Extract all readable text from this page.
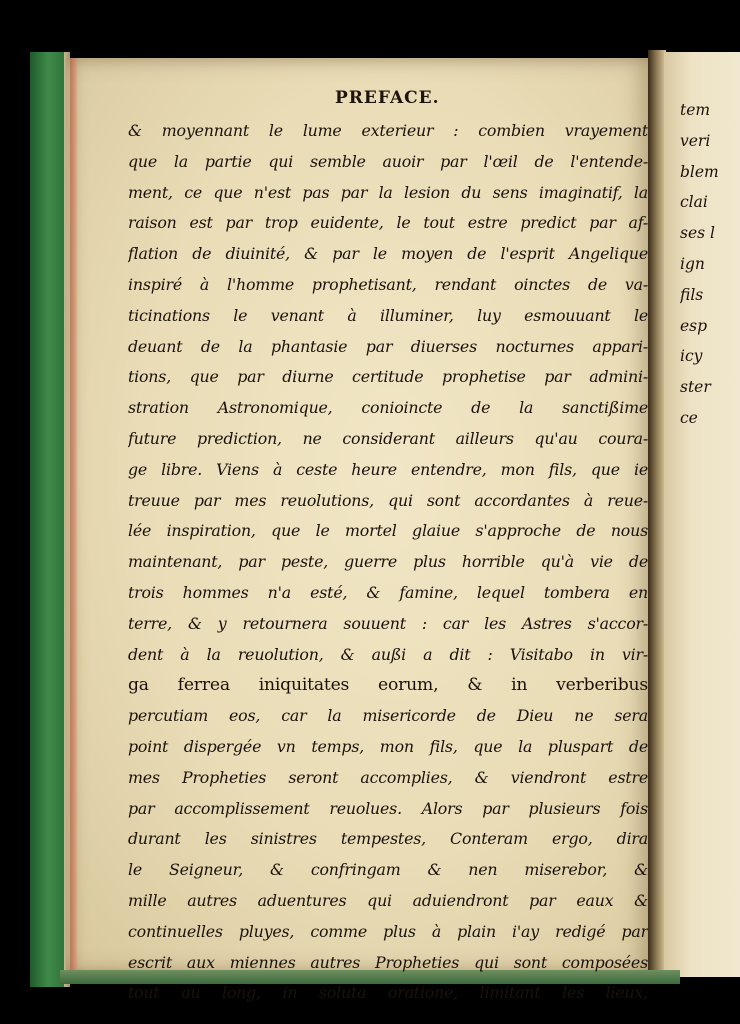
PREFACE.
& moyennant le lume exterieur : combien vrayement
que la partie qui semble auoir par l'œil de l'entende-
ment, ce que n'est pas par la lesion du sens imaginatif, la
raison est par trop euidente, le tout estre predict par af-
flation de diuinité, & par le moyen de l'esprit Angelique
inspiré à l'homme prophetisant, rendant oinctes de va-
ticinations le venant à illuminer, luy esmouuant le
deuant de la phantasie par diuerses nocturnes appari-
tions, que par diurne certitude prophetise par admini-
stration Astronomique, conioincte de la sanctißime
future prediction, ne considerant ailleurs qu'au coura-
ge libre. Viens à ceste heure entendre, mon fils, que ie
treuue par mes reuolutions, qui sont accordantes à reue-
lée inspiration, que le mortel glaiue s'approche de nous
maintenant, par peste, guerre plus horrible qu'à vie de
trois hommes n'a esté, & famine, lequel tombera en
terre, & y retournera souuent : car les Astres s'accor-
dent à la reuolution, & außi a dit : Visitabo in vir-
ga ferrea iniquitates eorum, & in verberibus
percutiam eos, car la misericorde de Dieu ne sera
point dispergée vn temps, mon fils, que la pluspart de
mes Propheties seront accomplies, & viendront estre
par accomplissement reuolues. Alors par plusieurs fois
durant les sinistres tempestes, Conteram ergo, dira
le Seigneur, & confringam & nen miserebor, &
mille autres aduentures qui aduiendront par eaux &
continuelles pluyes, comme plus à plain i'ay redigé par
escrit aux miennes autres Propheties qui sont composées
tout au long, in soluta oratione, limitant les lieux,
tem
veri
blem
clai
ses l
ign
fils
esp
icy
ster
ce
